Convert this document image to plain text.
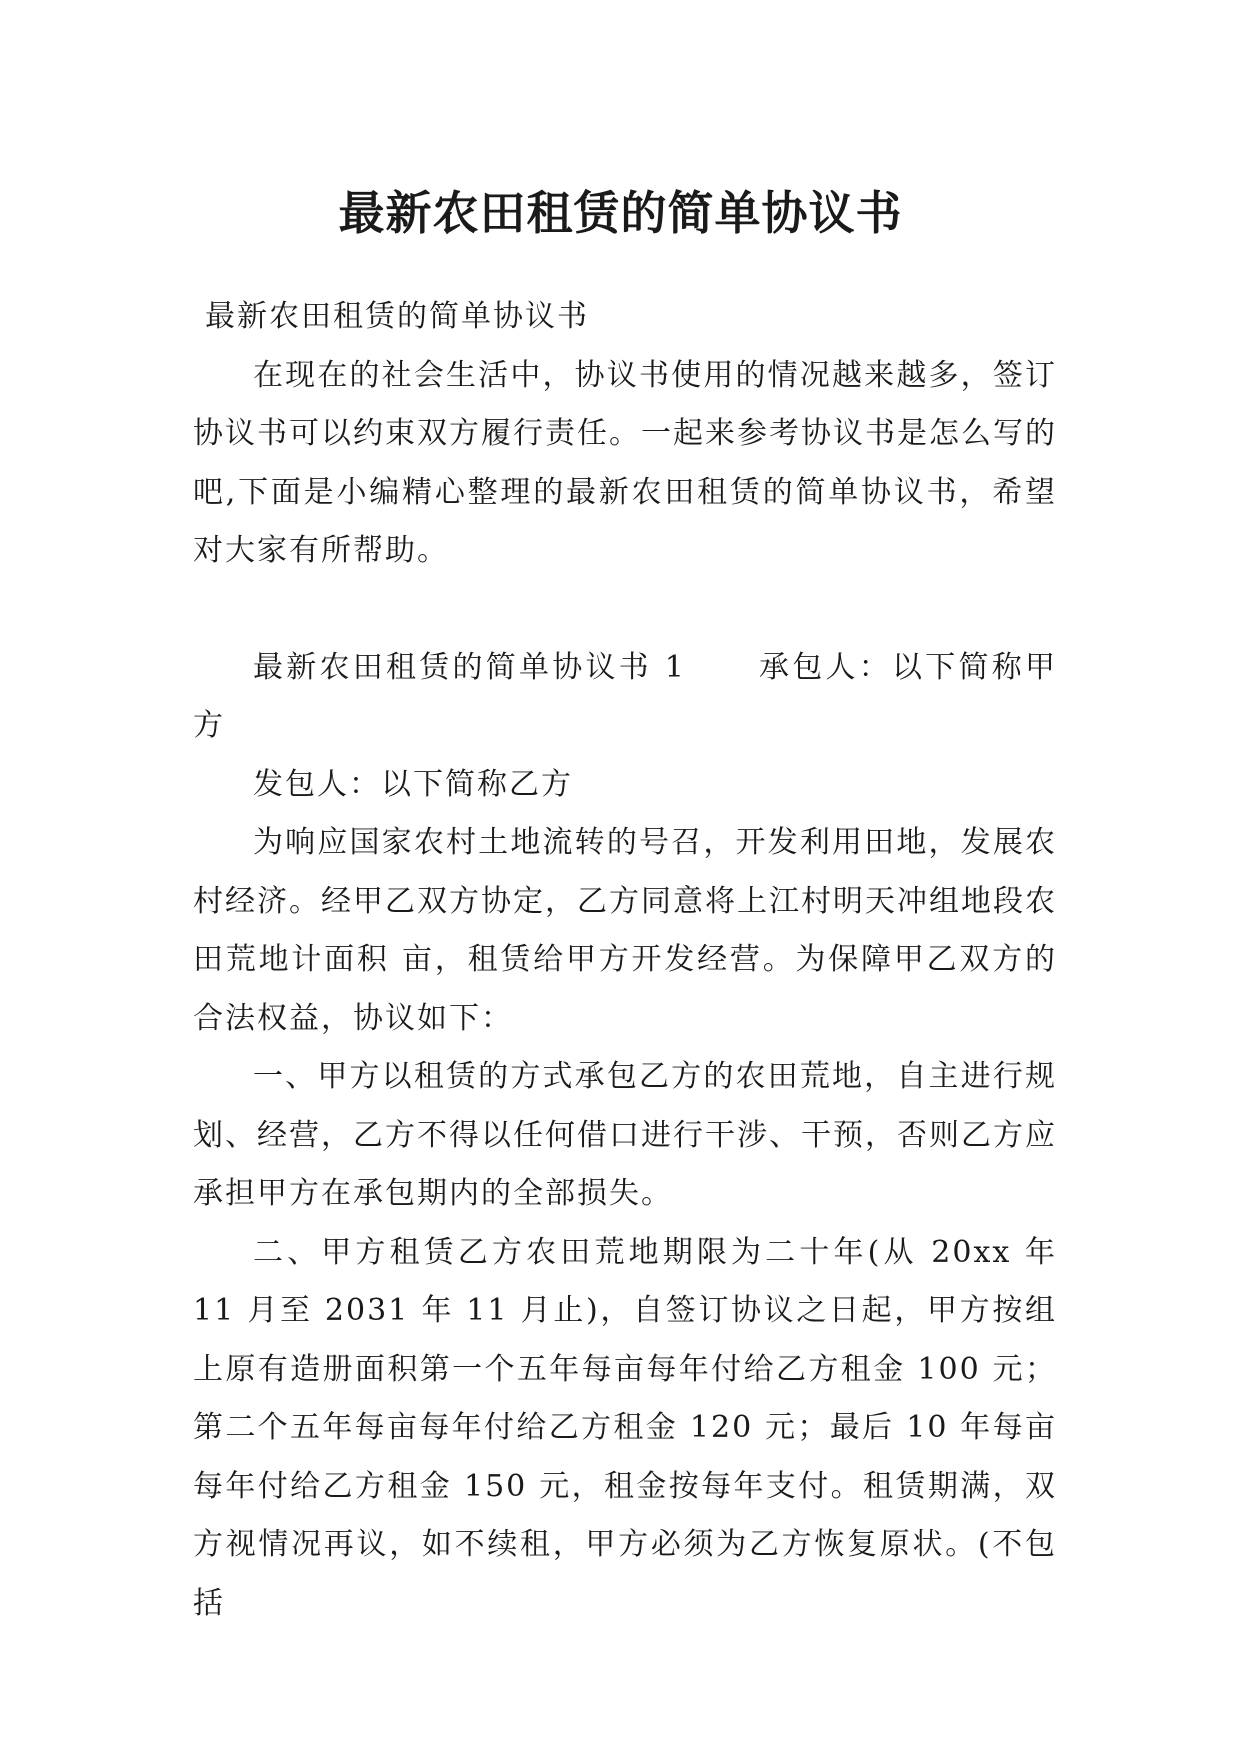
最新农田租赁的简单协议书

最新农田租赁的简单协议书

在现在的社会生活中，协议书使用的情况越来越多，签订协议书可以约束双方履行责任。一起来参考协议书是怎么写的吧,下面是小编精心整理的最新农田租赁的简单协议书，希望对大家有所帮助。

最新农田租赁的简单协议书 1 承包人：以下简称甲方

发包人：以下简称乙方

为响应国家农村土地流转的号召，开发利用田地，发展农村经济。经甲乙双方协定，乙方同意将上江村明天冲组地段农田荒地计面积 亩，租赁给甲方开发经营。为保障甲乙双方的合法权益，协议如下：

一、甲方以租赁的方式承包乙方的农田荒地，自主进行规划、经营，乙方不得以任何借口进行干涉、干预，否则乙方应承担甲方在承包期内的全部损失。

二、甲方租赁乙方农田荒地期限为二十年(从 20xx 年 11 月至 2031 年 11 月止)，自签订协议之日起，甲方按组上原有造册面积第一个五年每亩每年付给乙方租金 100 元；第二个五年每亩每年付给乙方租金 120 元；最后 10 年每亩每年付给乙方租金 150 元，租金按每年支付。租赁期满，双方视情况再议，如不续租，甲方必须为乙方恢复原状。(不包括
